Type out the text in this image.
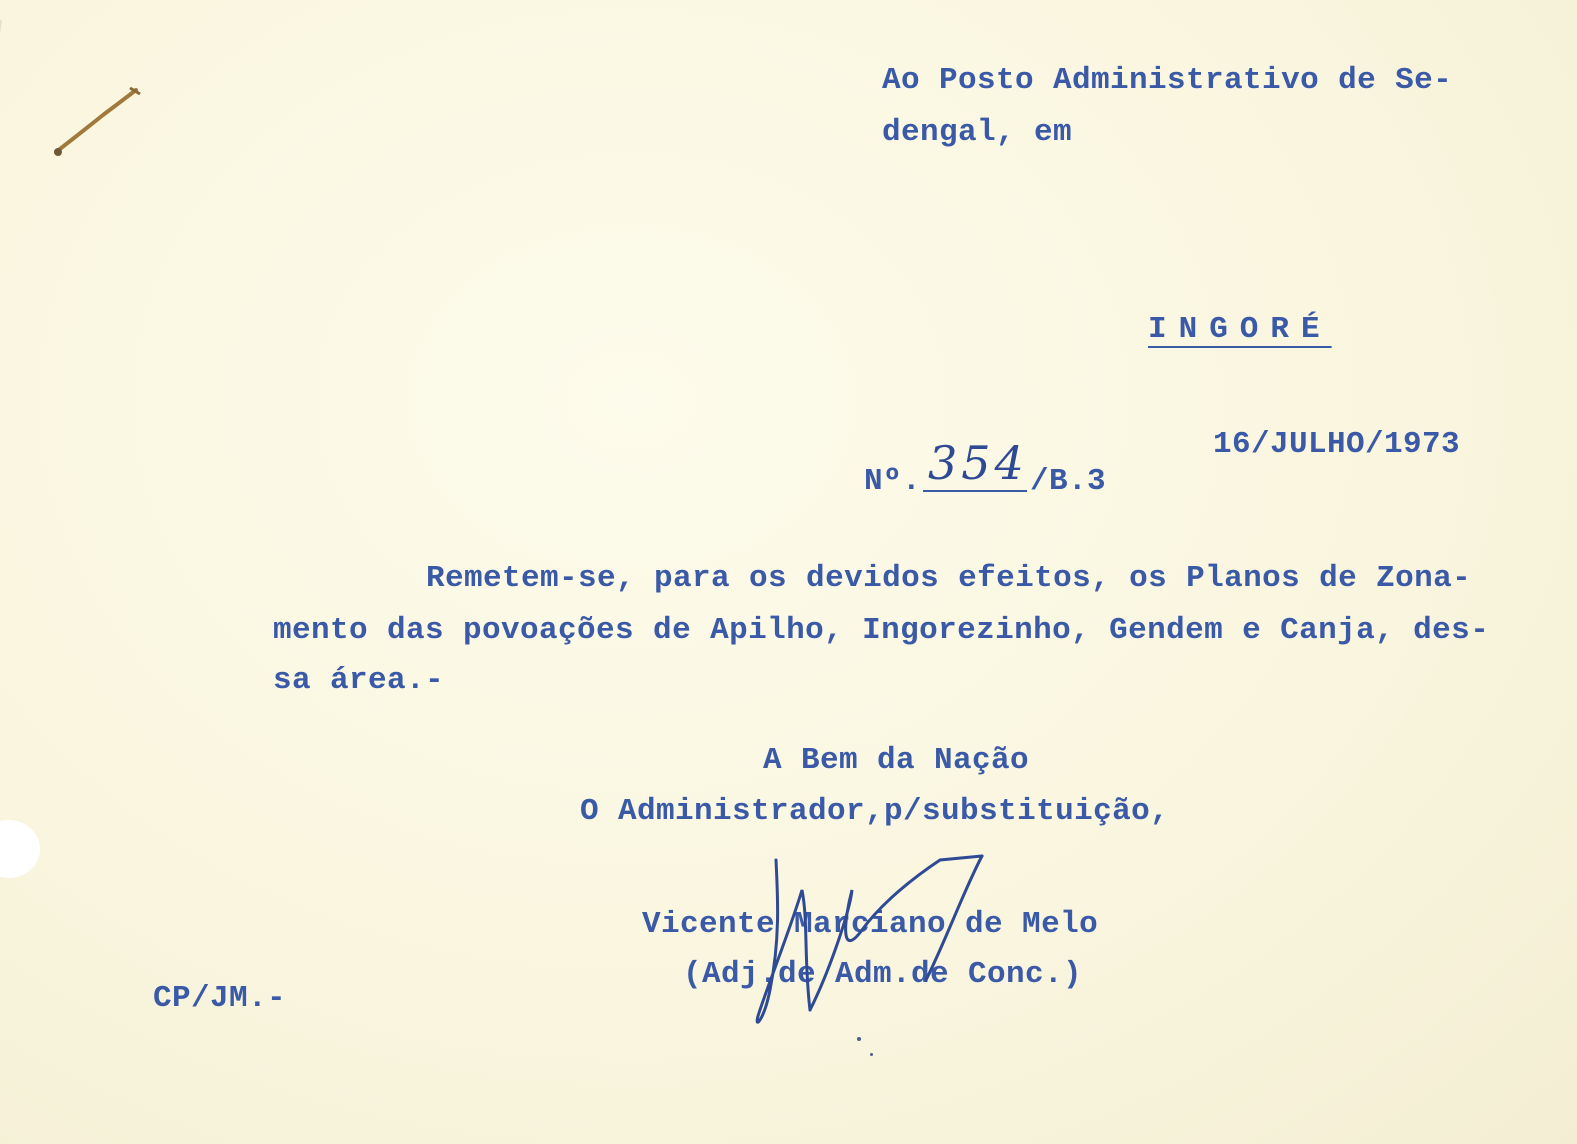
Ao Posto Administrativo de Se-
dengal, em
INGORÉ
16/JULHO/1973
Nº. 354 /B.3
Remetem-se, para os devidos efeitos, os Planos de Zona-
mento das povoações de Apilho, Ingorezinho, Gendem e Canja, des-
sa área.-
A Bem da Nação
O Administrador,p/substituição,
Vicente Marciano de Melo
(Adj.de Adm.de Conc.)
CP/JM.-
